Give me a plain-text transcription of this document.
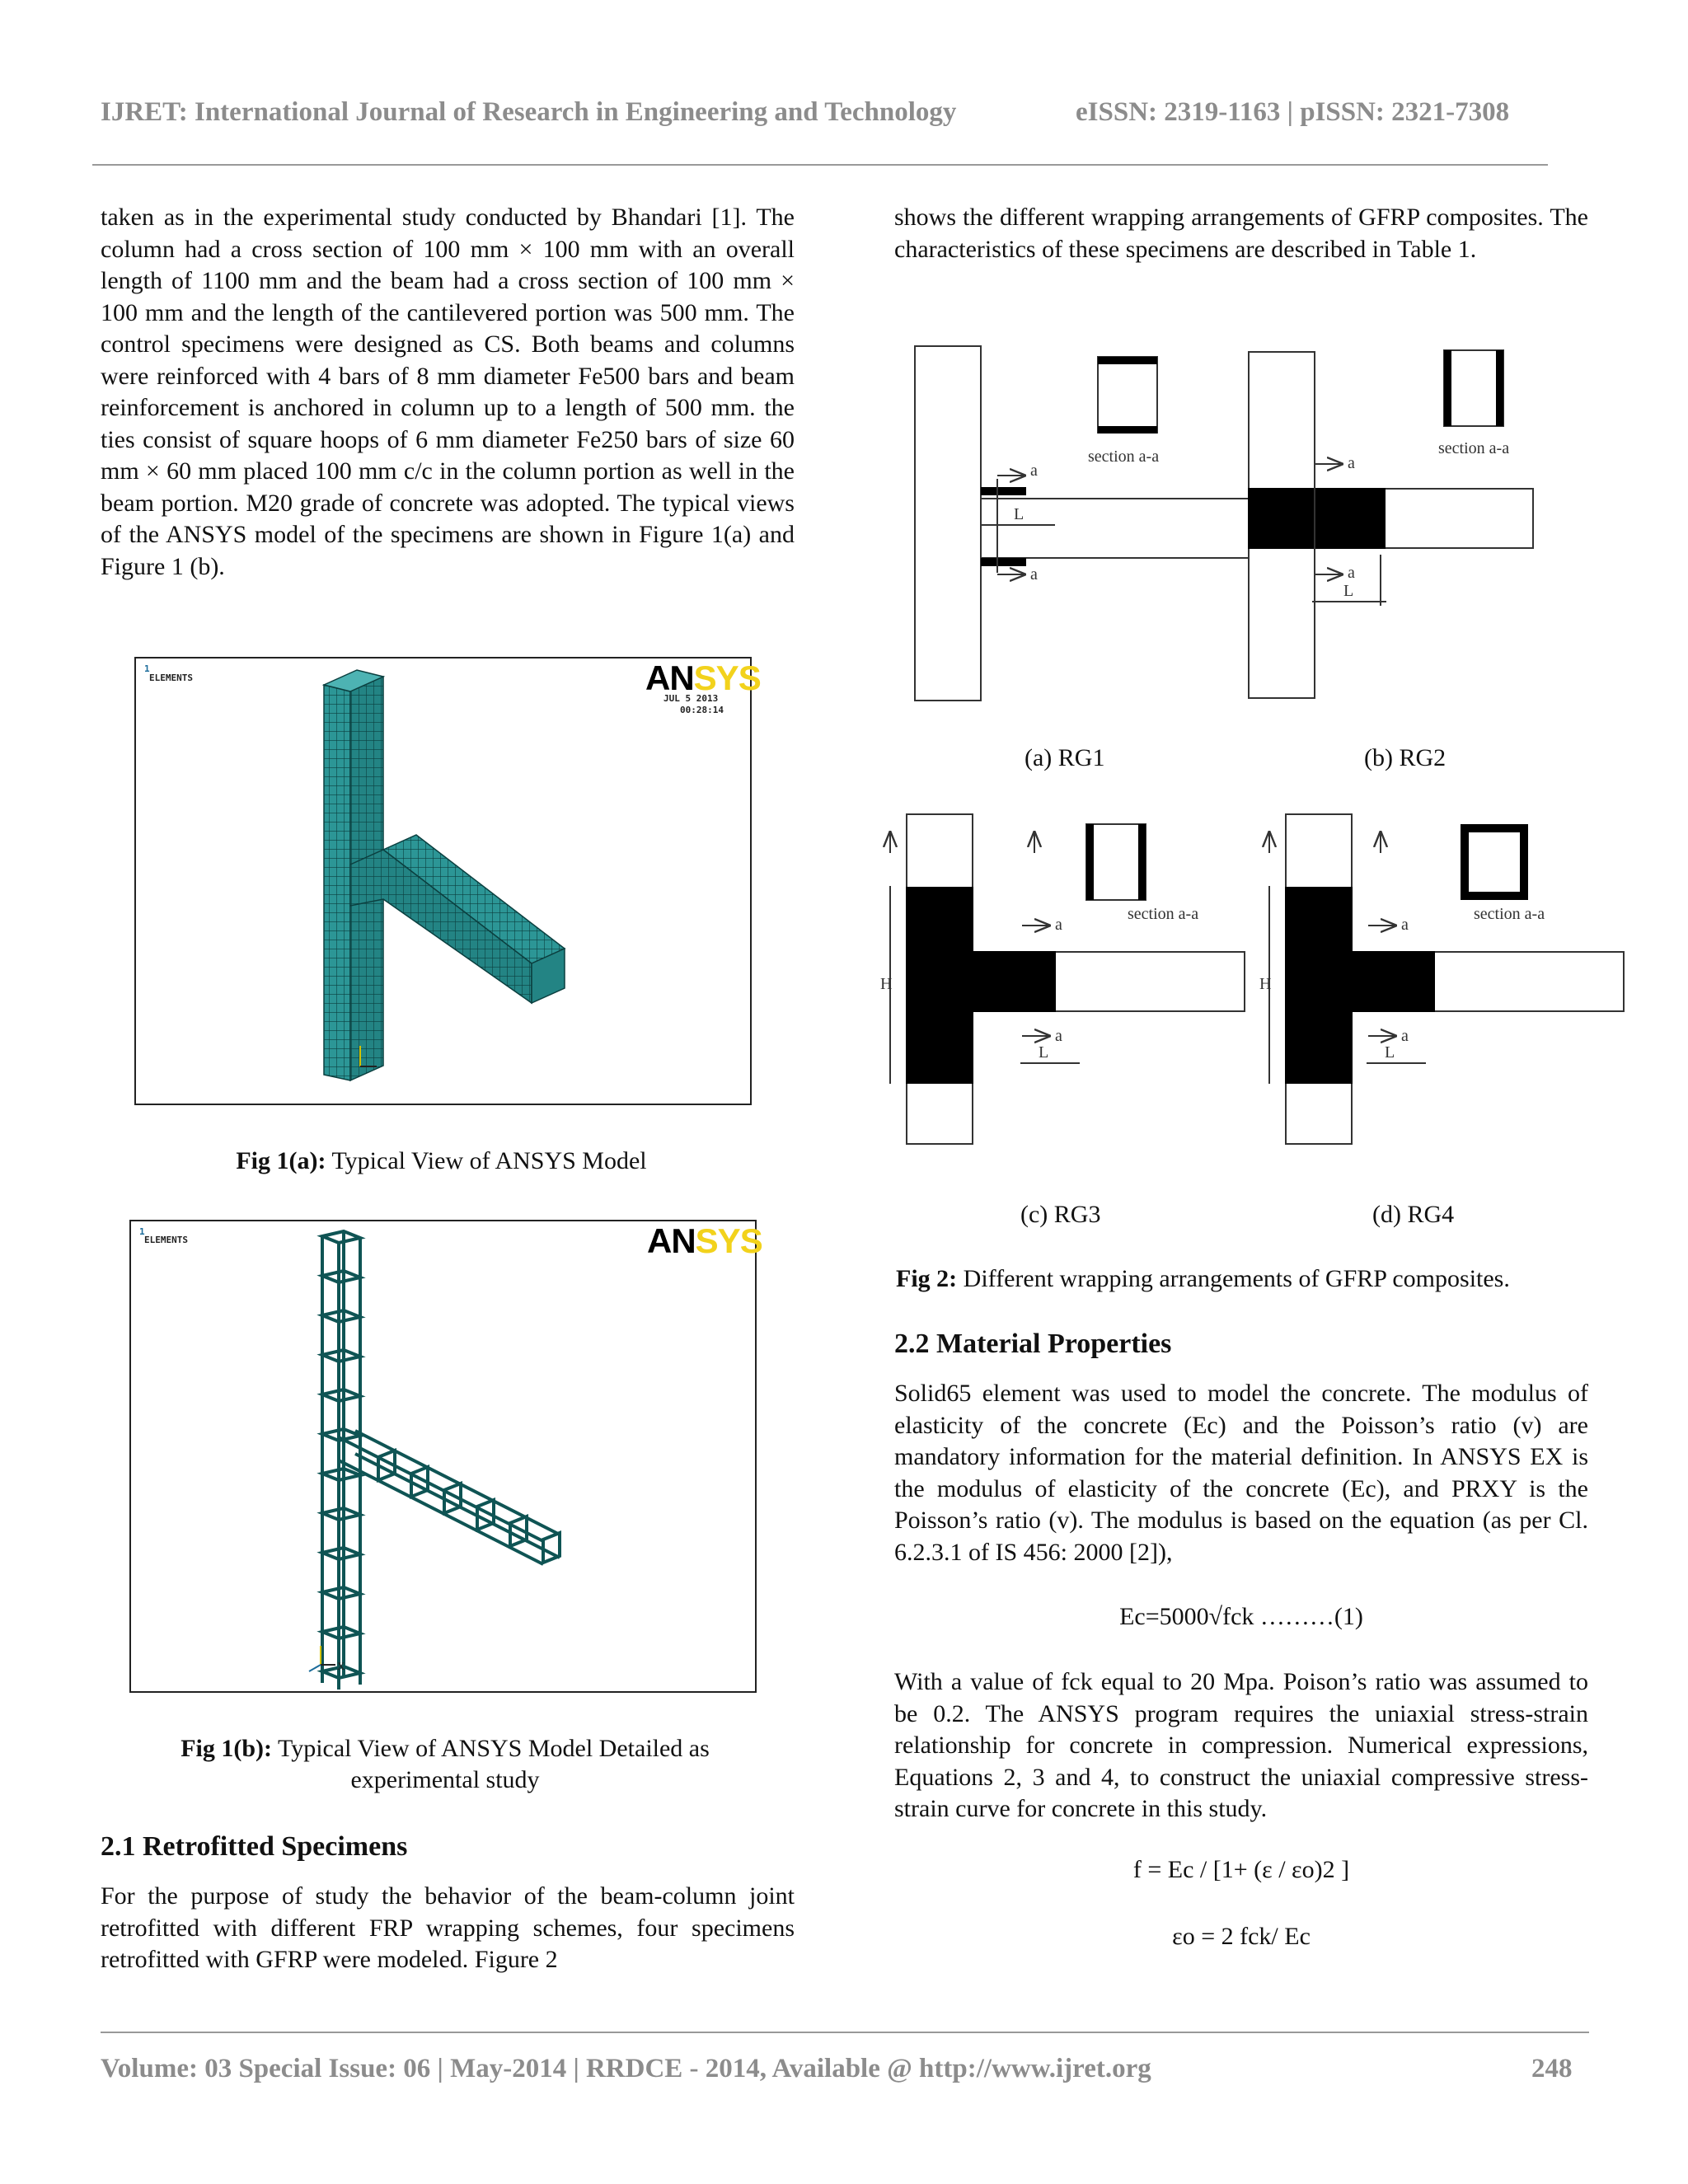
IJRET: International Journal of Research in Engineering and Technology	eISSN: 2319-1163 | pISSN: 2321-7308
taken as in the experimental study conducted by Bhandari [1]. The column had a cross section of 100 mm × 100 mm with an overall length of 1100 mm and the beam had a cross section of 100 mm × 100 mm and the length of the cantilevered portion was 500 mm. The control specimens were designed as CS. Both beams and columns were reinforced with 4 bars of 8 mm diameter Fe500 bars and beam reinforcement is anchored in column up to a length of 500 mm. the ties consist of square hoops of 6 mm diameter Fe250 bars of size 60 mm × 60 mm placed 100 mm c/c in the column portion as well in the beam portion. M20 grade of concrete was adopted. The typical views of the ANSYS model of the specimens are shown in Figure 1(a) and Figure 1 (b).
1
ELEMENTS	ANSYS
JUL 5 2013
00:28:14
Fig 1(a): Typical View of ANSYS Model
1
ELEMENTS	ANSYS
X
Fig 1(b): Typical View of ANSYS Model Detailed as
experimental study
2.1 Retrofitted Specimens
For the purpose of study the behavior of the beam-column joint retrofitted with different FRP wrapping schemes, four specimens retrofitted with GFRP were modeled. Figure 2
shows the different wrapping arrangements of GFRP composites. The characteristics of these specimens are described in Table 1.
section a-a
a
a
L
section a-a
a
a
L
section a-a
a
a
L
H
section a-a
a
a
L
H
(a) RG1	(b) RG2
(c) RG3	(d) RG4
Fig 2: Different wrapping arrangements of GFRP composites.
2.2 Material Properties
Solid65 element was used to model the concrete. The modulus of elasticity of the concrete (Ec) and the Poisson’s ratio (v) are mandatory information for the material definition. In ANSYS EX is the modulus of elasticity of the concrete (Ec), and PRXY is the Poisson’s ratio (v). The modulus is based on the equation (as per Cl. 6.2.3.1 of IS 456: 2000 [2]),
Ec=5000√fck ………(1)
With a value of fck equal to 20 Mpa. Poison’s ratio was assumed to be 0.2. The ANSYS program requires the uniaxial stress-strain relationship for concrete in compression. Numerical expressions, Equations 2, 3 and 4, to construct the uniaxial compressive stress-strain curve for concrete in this study.
f = Ec / [1+ (ε / εo)2 ]
εo = 2 fck/ Ec
Volume: 03 Special Issue: 06 | May-2014 | RRDCE - 2014, Available @ http://www.ijret.org	248
